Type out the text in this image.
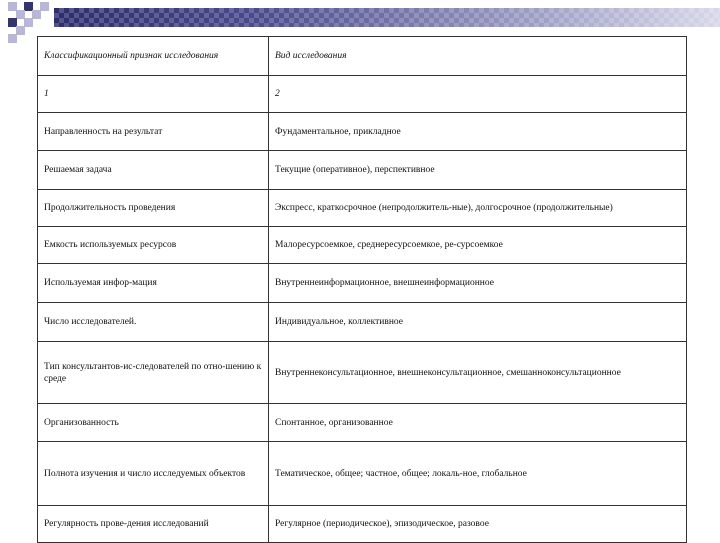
Классификационный признак исследования	Вид исследования
1	2
Направленность на результат	Фундаментальное, прикладное
Решаемая задача	Текущие (оперативное), перспективное
Продолжительность проведения	Экспресс, краткосрочное (непродолжитель-ные), долгосрочное (продолжительные)
Емкость используемых ресурсов	Малоресурсоемкое, среднересурсоемкое, ре-сурсоемкое
Используемая инфор-мация	Внутреннеинформационное, внешнеинформационное
Число исследователей.	Индивидуальное, коллективное
Тип консультантов-ис-следователей по отно-шению к среде	Внутреннеконсультационное, внешнеконсультационное, смешанноконсультационное
Организованность	Спонтанное, организованное
Полнота изучения и число исследуемых объектов	Тематическое, общее; частное, общее; локаль-ное, глобальное
Регулярность прове-дения исследований	Регулярное (периодическое), эпизодическое, разовое
